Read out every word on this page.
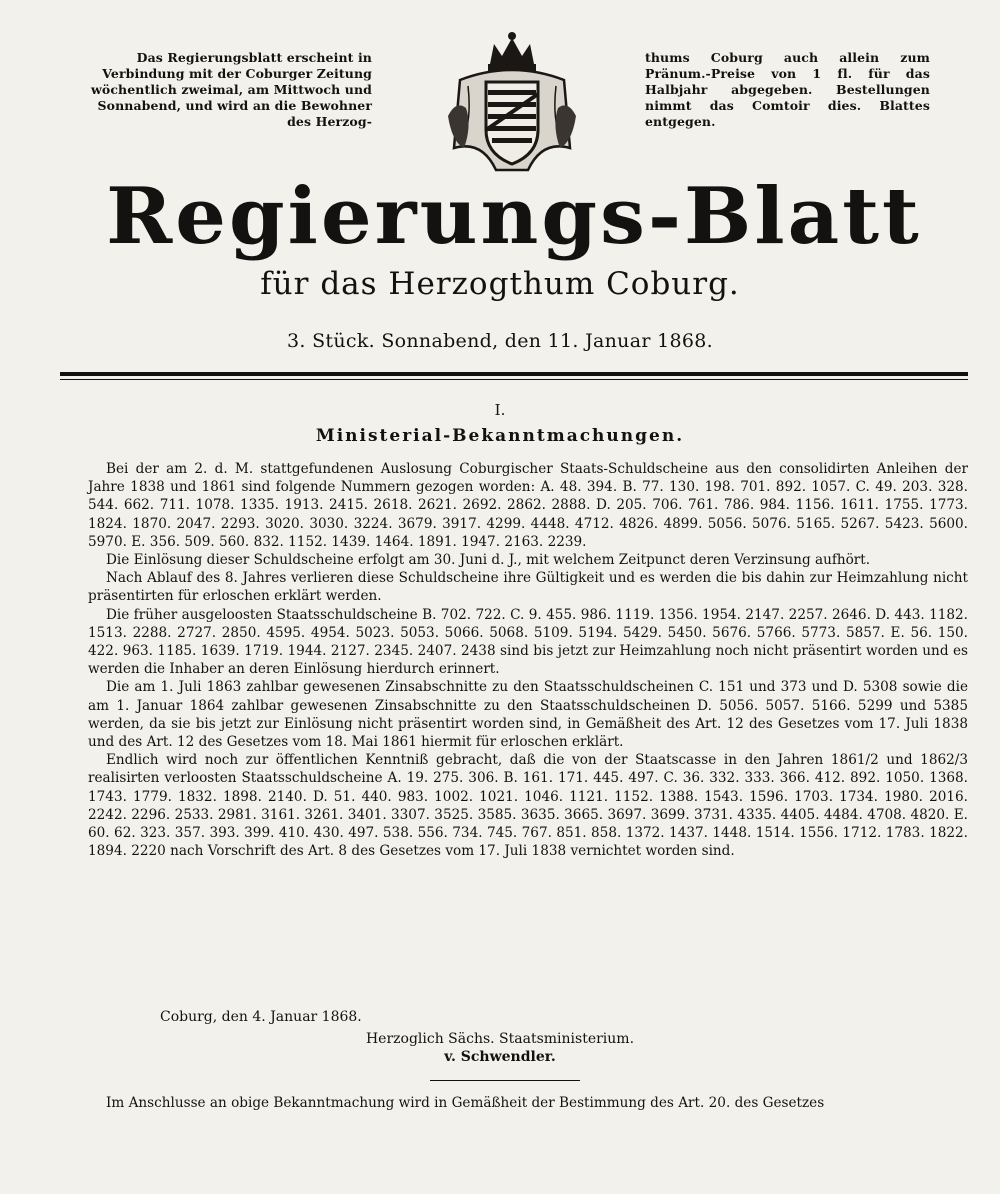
Das Regierungsblatt erscheint in Verbindung mit der Coburger Zeitung wöchentlich zweimal, am Mittwoch und Sonnabend, und wird an die Bewohner des Herzog-
thums Coburg auch allein zum Pränum.-Preise von 1 fl. für das Halbjahr abgegeben. Bestellungen nimmt das Comtoir dies. Blattes entgegen.
Regierungs-Blatt
für das Herzogthum Coburg.
3. Stück. Sonnabend, den 11. Januar 1868.
I.
Ministerial-Bekanntmachungen.

Bei der am 2. d. M. stattgefundenen Auslosung Coburgischer Staats-Schuldscheine aus den consolidirten Anleihen der Jahre 1838 und 1861 sind folgende Nummern gezogen worden: A. 48. 394. B. 77. 130. 198. 701. 892. 1057. C. 49. 203. 328. 544. 662. 711. 1078. 1335. 1913. 2415. 2618. 2621. 2692. 2862. 2888. D. 205. 706. 761. 786. 984. 1156. 1611. 1755. 1773. 1824. 1870. 2047. 2293. 3020. 3030. 3224. 3679. 3917. 4299. 4448. 4712. 4826. 4899. 5056. 5076. 5165. 5267. 5423. 5600. 5970. E. 356. 509. 560. 832. 1152. 1439. 1464. 1891. 1947. 2163. 2239.

Die Einlösung dieser Schuldscheine erfolgt am 30. Juni d. J., mit welchem Zeitpunct deren Verzinsung aufhört.

Nach Ablauf des 8. Jahres verlieren diese Schuldscheine ihre Gültigkeit und es werden die bis dahin zur Heimzahlung nicht präsentirten für erloschen erklärt werden.

Die früher ausgeloosten Staatsschuldscheine B. 702. 722. C. 9. 455. 986. 1119. 1356. 1954. 2147. 2257. 2646. D. 443. 1182. 1513. 2288. 2727. 2850. 4595. 4954. 5023. 5053. 5066. 5068. 5109. 5194. 5429. 5450. 5676. 5766. 5773. 5857. E. 56. 150. 422. 963. 1185. 1639. 1719. 1944. 2127. 2345. 2407. 2438 sind bis jetzt zur Heimzahlung noch nicht präsentirt worden und es werden die Inhaber an deren Einlösung hierdurch erinnert.

Die am 1. Juli 1863 zahlbar gewesenen Zinsabschnitte zu den Staatsschuldscheinen C. 151 und 373 und D. 5308 sowie die am 1. Januar 1864 zahlbar gewesenen Zinsabschnitte zu den Staatsschuldscheinen D. 5056. 5057. 5166. 5299 und 5385 werden, da sie bis jetzt zur Einlösung nicht präsentirt worden sind, in Gemäßheit des Art. 12 des Gesetzes vom 17. Juli 1838 und des Art. 12 des Gesetzes vom 18. Mai 1861 hiermit für erloschen erklärt.

Endlich wird noch zur öffentlichen Kenntniß gebracht, daß die von der Staatscasse in den Jahren 1861/2 und 1862/3 realisirten verloosten Staatsschuldscheine A. 19. 275. 306. B. 161. 171. 445. 497. C. 36. 332. 333. 366. 412. 892. 1050. 1368. 1743. 1779. 1832. 1898. 2140. D. 51. 440. 983. 1002. 1021. 1046. 1121. 1152. 1388. 1543. 1596. 1703. 1734. 1980. 2016. 2242. 2296. 2533. 2981. 3161. 3261. 3401. 3307. 3525. 3585. 3635. 3665. 3697. 3699. 3731. 4335. 4405. 4484. 4708. 4820. E. 60. 62. 323. 357. 393. 399. 410. 430. 497. 538. 556. 734. 745. 767. 851. 858. 1372. 1437. 1448. 1514. 1556. 1712. 1783. 1822. 1894. 2220 nach Vorschrift des Art. 8 des Gesetzes vom 17. Juli 1838 vernichtet worden sind.

Coburg, den 4. Januar 1868.
Herzoglich Sächs. Staatsministerium.
v. Schwendler.
Im Anschlusse an obige Bekanntmachung wird in Gemäßheit der Bestimmung des Art. 20. des Gesetzes
